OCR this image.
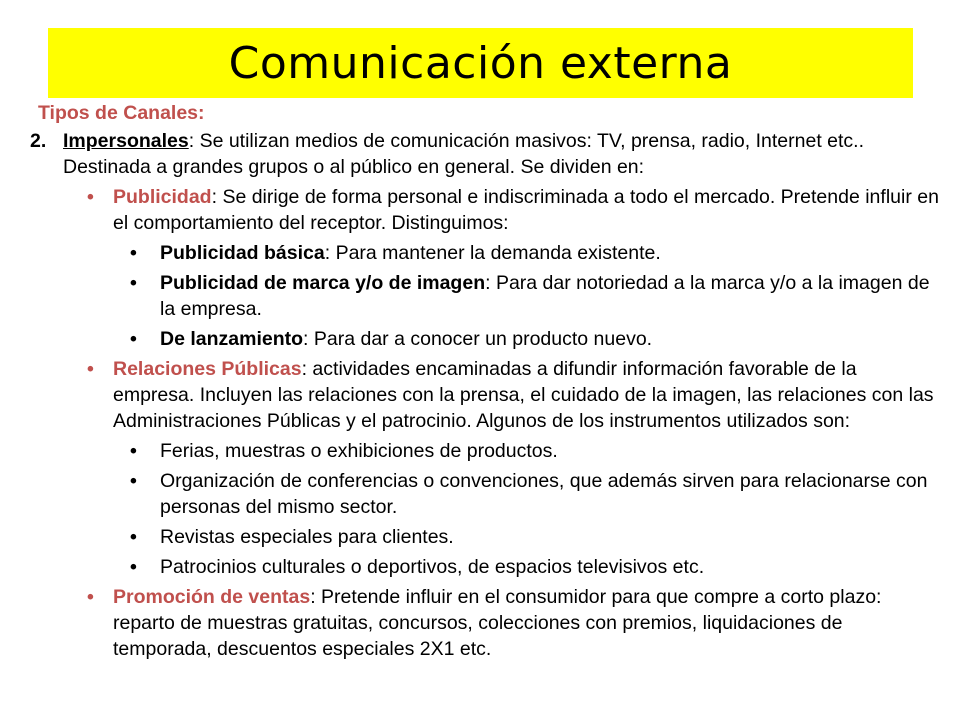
Comunicación externa
Tipos de Canales:
2. Impersonales: Se utilizan medios de comunicación masivos: TV, prensa, radio, Internet etc.. Destinada a grandes grupos o al público en general. Se dividen en:
• Publicidad: Se dirige de forma personal e indiscriminada a todo el mercado. Pretende influir en el comportamiento del receptor. Distinguimos:
• Publicidad básica: Para mantener la demanda existente.
• Publicidad de marca y/o de imagen: Para dar notoriedad a la marca y/o a la imagen de la empresa.
• De lanzamiento: Para dar a conocer un producto nuevo.
• Relaciones Públicas: actividades encaminadas a difundir información favorable de la empresa. Incluyen las relaciones con la prensa, el cuidado de la imagen, las relaciones con las Administraciones Públicas y el patrocinio. Algunos de los instrumentos utilizados son:
• Ferias, muestras o exhibiciones de productos.
• Organización de conferencias o convenciones, que además sirven para relacionarse con personas del mismo sector.
• Revistas especiales para clientes.
• Patrocinios culturales o deportivos, de espacios televisivos etc.
• Promoción de ventas: Pretende influir en el consumidor para que compre a corto plazo: reparto de muestras gratuitas, concursos, colecciones con premios, liquidaciones de temporada, descuentos especiales 2X1 etc.
